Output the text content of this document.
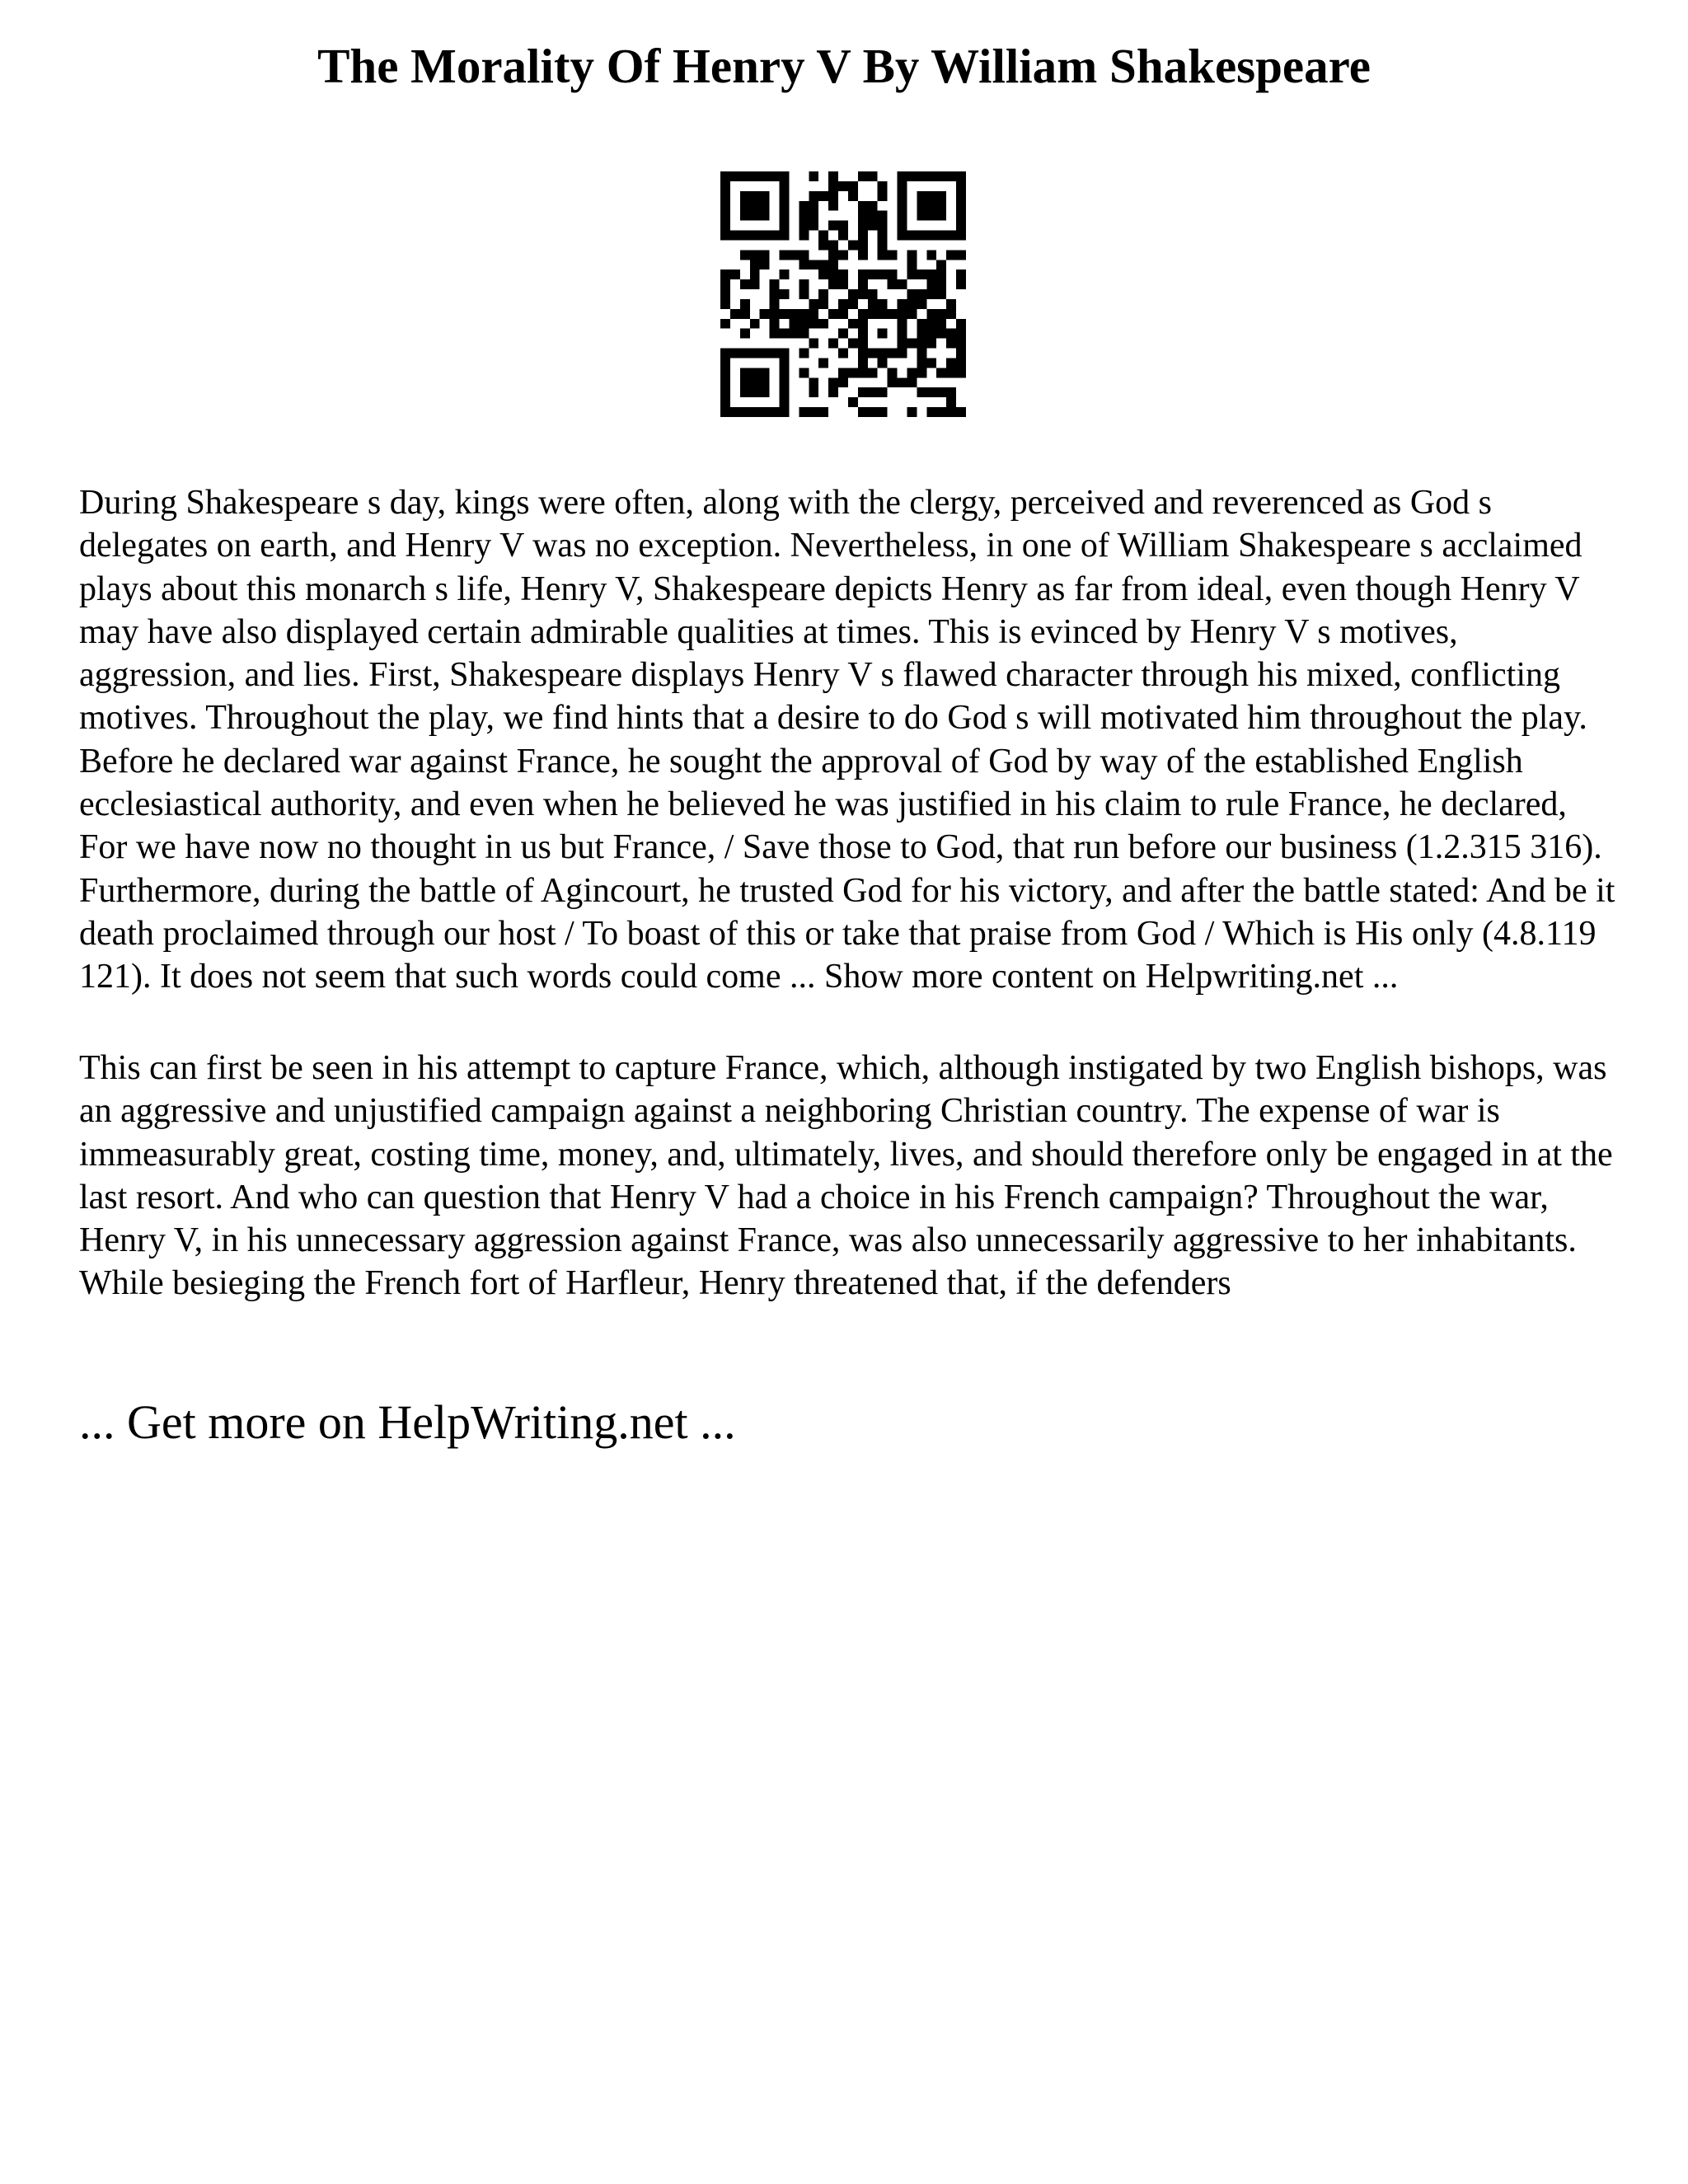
The Morality Of Henry V By William Shakespeare

During Shakespeare s day, kings were often, along with the clergy, perceived and reverenced as God s delegates on earth, and Henry V was no exception. Nevertheless, in one of William Shakespeare s acclaimed plays about this monarch s life, Henry V, Shakespeare depicts Henry as far from ideal, even though Henry V may have also displayed certain admirable qualities at times. This is evinced by Henry V s motives, aggression, and lies. First, Shakespeare displays Henry V s flawed character through his mixed, conflicting motives. Throughout the play, we find hints that a desire to do God s will motivated him throughout the play. Before he declared war against France, he sought the approval of God by way of the established English ecclesiastical authority, and even when he believed he was justified in his claim to rule France, he declared, For we have now no thought in us but France, / Save those to God, that run before our business (1.2.315 316). Furthermore, during the battle of Agincourt, he trusted God for his victory, and after the battle stated: And be it death proclaimed through our host / To boast of this or take that praise from God / Which is His only (4.8.119 121). It does not seem that such words could come ... Show more content on Helpwriting.net ...

This can first be seen in his attempt to capture France, which, although instigated by two English bishops, was an aggressive and unjustified campaign against a neighboring Christian country. The expense of war is immeasurably great, costing time, money, and, ultimately, lives, and should therefore only be engaged in at the last resort. And who can question that Henry V had a choice in his French campaign? Throughout the war, Henry V, in his unnecessary aggression against France, was also unnecessarily aggressive to her inhabitants. While besieging the French fort of Harfleur, Henry threatened that, if the defenders

... Get more on HelpWriting.net ...
